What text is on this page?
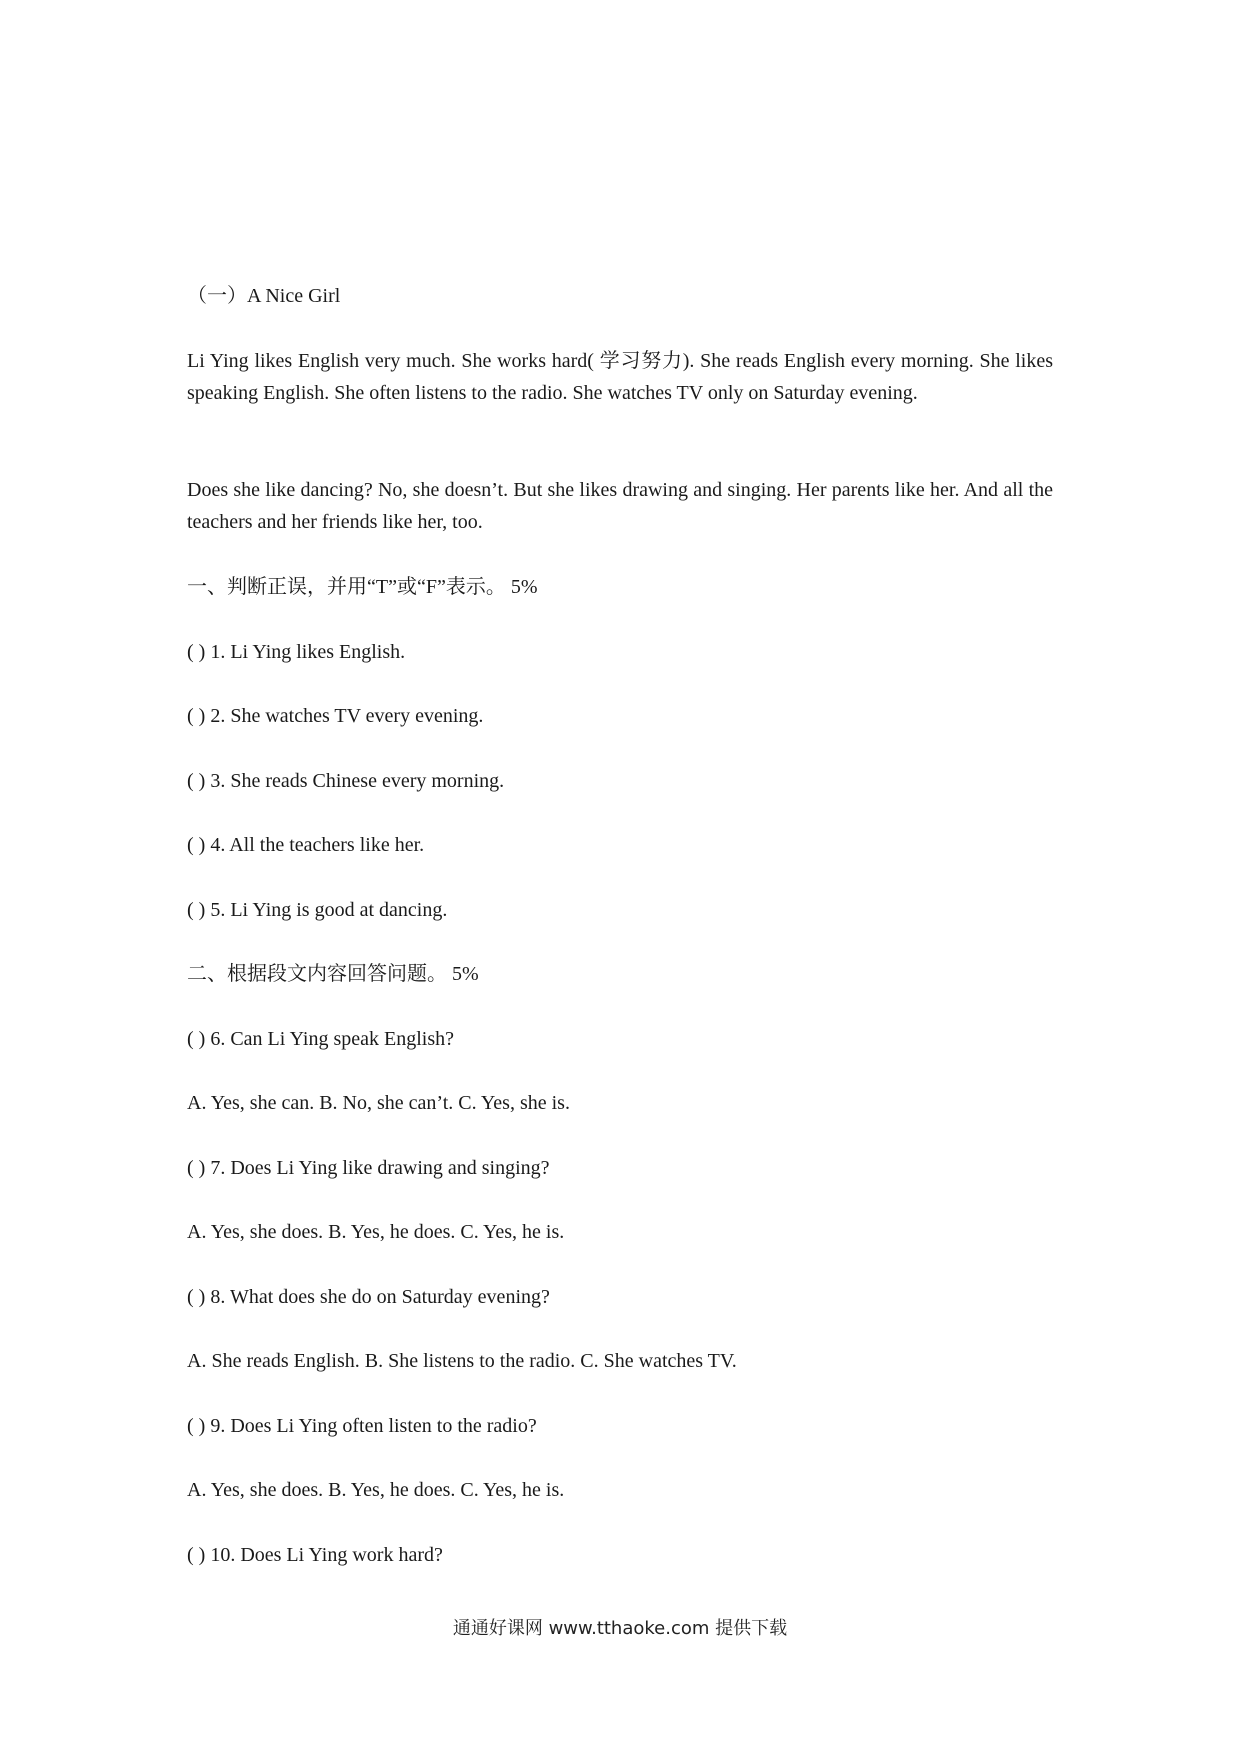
（一）A Nice Girl
Li Ying likes English very much. She works hard( 学习努力). She reads English every morning. She likes speaking English. She often listens to the radio. She watches TV only on Saturday evening.
Does she like dancing? No, she doesn’t. But she likes drawing and singing. Her parents like her. And all the teachers and her friends like her, too.
一、判断正误，并用“T”或“F”表示。 5%
( ) 1. Li Ying likes English.
( ) 2. She watches TV every evening.
( ) 3. She reads Chinese every morning.
( ) 4. All the teachers like her.
( ) 5. Li Ying is good at dancing.
二、根据段文内容回答问题。 5%
( ) 6. Can Li Ying speak English?
A. Yes, she can. B. No, she can’t. C. Yes, she is.
( ) 7. Does Li Ying like drawing and singing?
A. Yes, she does. B. Yes, he does. C. Yes, he is.
( ) 8. What does she do on Saturday evening?
A. She reads English. B. She listens to the radio. C. She watches TV.
( ) 9. Does Li Ying often listen to the radio?
A. Yes, she does. B. Yes, he does. C. Yes, he is.
( ) 10. Does Li Ying work hard?
通通好课网 www.tthaoke.com 提供下载
